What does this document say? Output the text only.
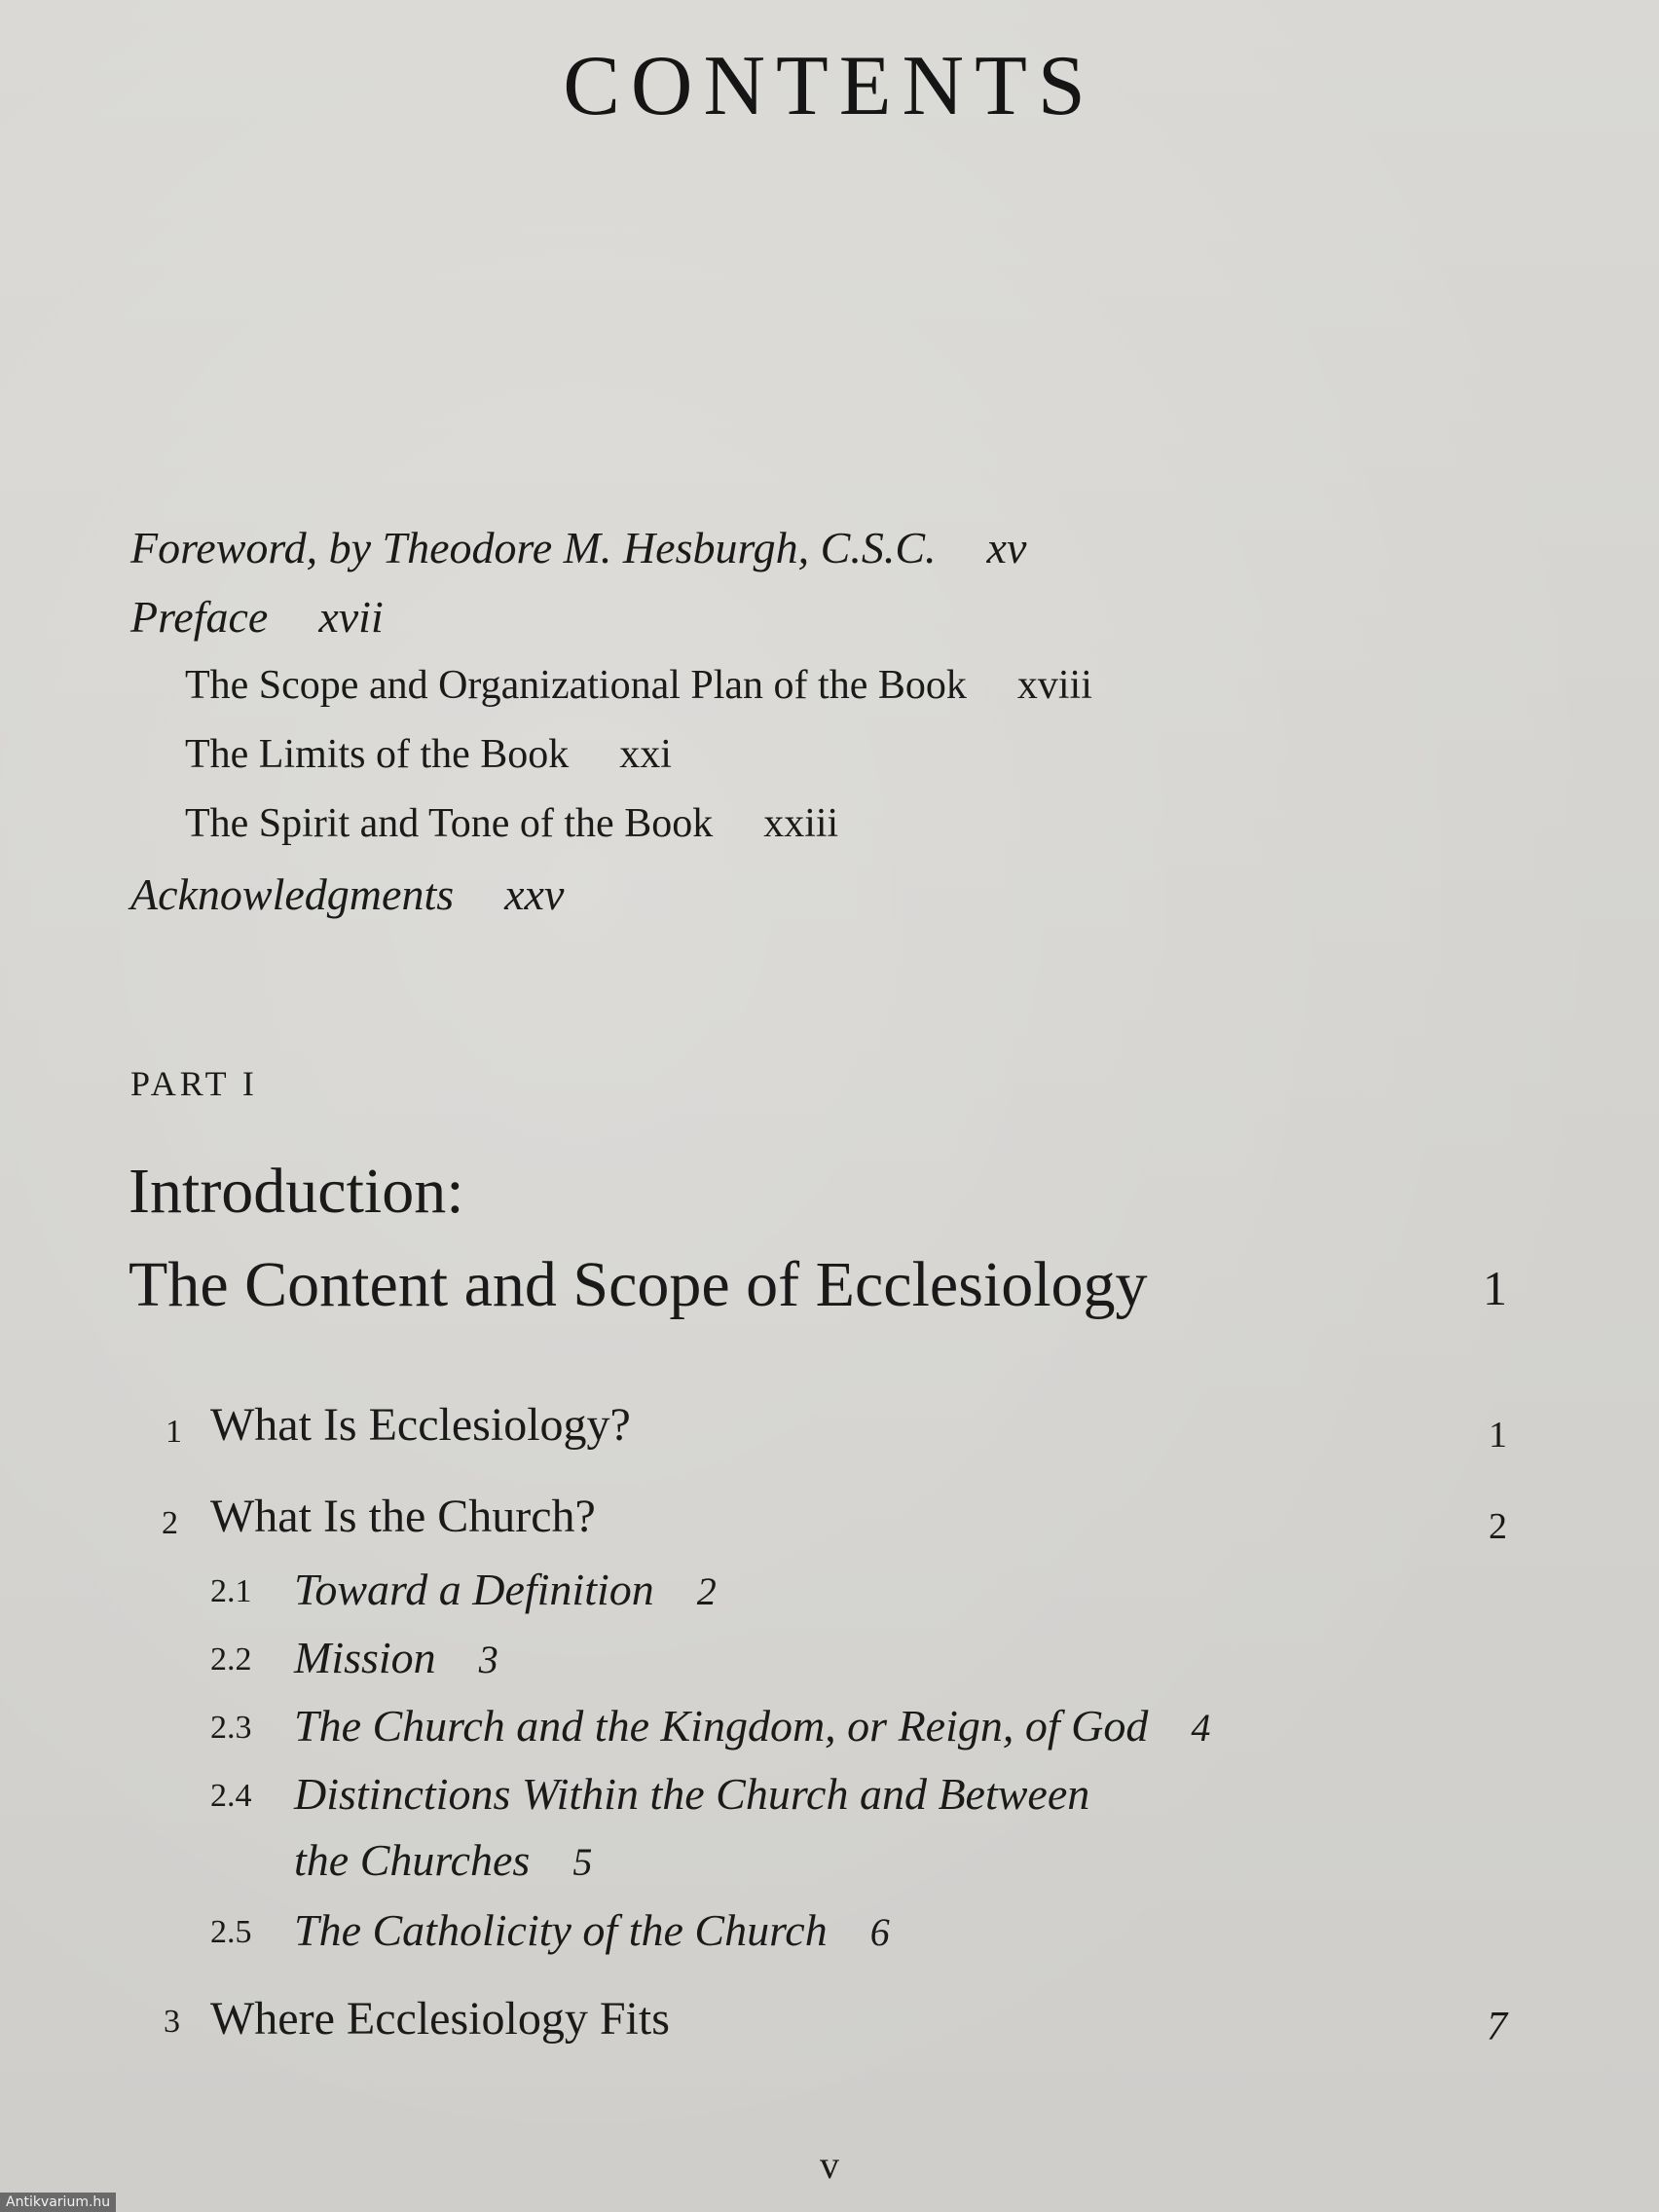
CONTENTS
Foreword, by Theodore M. Hesburgh, C.S.C. xv
Preface xvii
The Scope and Organizational Plan of the Book xviii
The Limits of the Book xxi
The Spirit and Tone of the Book xxiii
Acknowledgments xxv
PART I
Introduction:
The Content and Scope of Ecclesiology	1
1 What Is Ecclesiology?	1
2 What Is the Church?	2
2.1 Toward a Definition 2
2.2 Mission 3
2.3 The Church and the Kingdom, or Reign, of God 4
2.4 Distinctions Within the Church and Between
the Churches 5
2.5 The Catholicity of the Church 6
3 Where Ecclesiology Fits	7
v
Antikvarium.hu
